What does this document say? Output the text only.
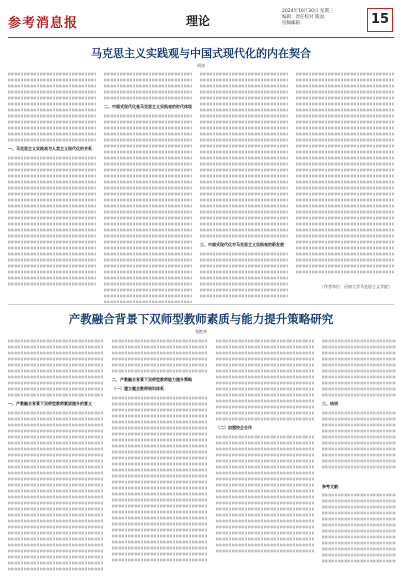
参考消息报	理论
2024年10月30日 星期三
编辑：责任校对 版面：
投稿邮箱：	15
马克思主义实践观与中国式现代化的内在契合
周涛
一、马克思主义实践观与人类主义现代化的关系
二、中国式现代化是马克思主义实践观的时代体现
三、中国式现代化对马克思主义实践观的新发展
（作者单位：河南大学马克思主义学院）
产教融合背景下双师型教师素质与能力提升策略研究
张艳华
一、产教融合背景下双师型教师素质提升的意义
二、产教融合背景下双师型教师能力提升策略
（一）建立健全教师培训体系
（二）加强校企合作
三、结语
参考文献：
